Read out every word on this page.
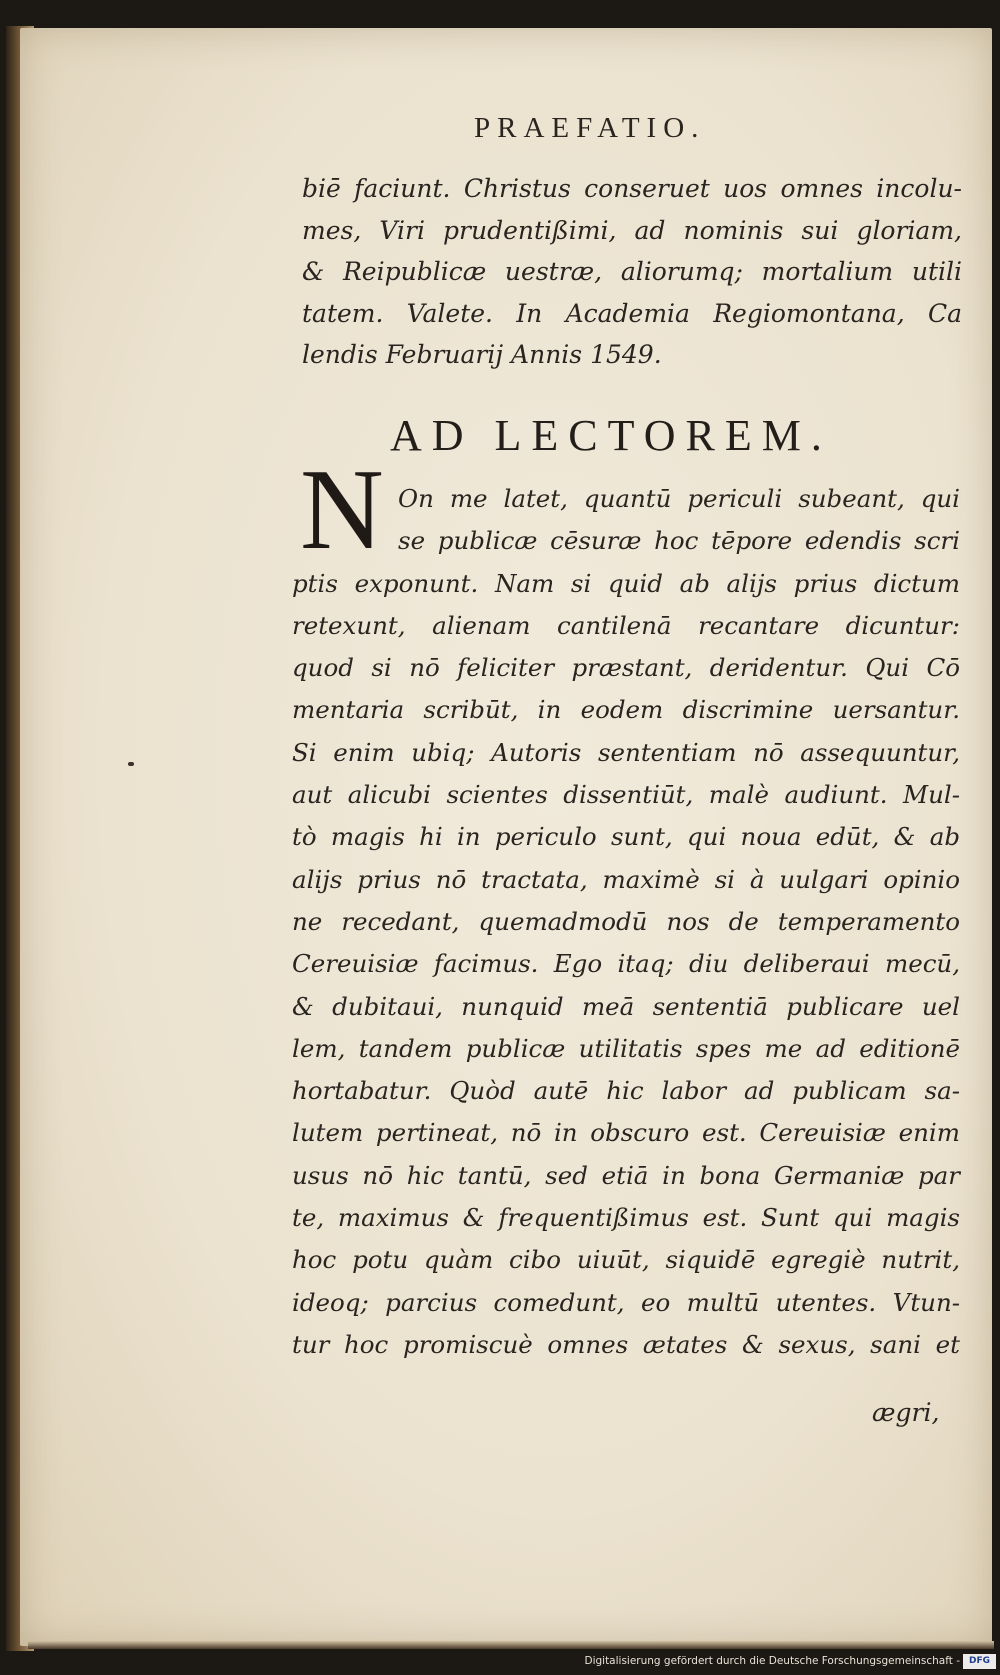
PRAEFATIO.
biē faciunt. Christus conseruet uos omnes incolu-
mes, Viri prudentißimi, ad nominis sui gloriam,
& Reipublicæ uestræ, aliorumq; mortalium utili
tatem. Valete. In Academia Regiomontana, Ca
lendis Februarij Annis 1549.
AD LECTOREM.
N On me latet, quantū periculi subeant, qui
se publicæ cēsuræ hoc tēpore edendis scri
ptis exponunt. Nam si quid ab alijs prius dictum
retexunt, alienam cantilenā recantare dicuntur:
quod si nō feliciter præstant, deridentur. Qui Cō
mentaria scribūt, in eodem discrimine uersantur.
Si enim ubiq; Autoris sententiam nō assequuntur,
aut alicubi scientes dissentiūt, malè audiunt. Mul-
tò magis hi in periculo sunt, qui noua edūt, & ab
alijs prius nō tractata, maximè si à uulgari opinio
ne recedant, quemadmodū nos de temperamento
Cereuisiæ facimus. Ego itaq; diu deliberaui mecū,
& dubitaui, nunquid meā sententiā publicare uel
lem, tandem publicæ utilitatis spes me ad editionē
hortabatur. Quòd autē hic labor ad publicam sa-
lutem pertineat, nō in obscuro est. Cereuisiæ enim
usus nō hic tantū, sed etiā in bona Germaniæ par
te, maximus & frequentißimus est. Sunt qui magis
hoc potu quàm cibo uiuūt, siquidē egregiè nutrit,
ideoq; parcius comedunt, eo multū utentes. Vtun-
tur hoc promiscuè omnes ætates & sexus, sani et
ægri,
Digitalisierung gefördert durch die Deutsche Forschungsgemeinschaft - DFG
